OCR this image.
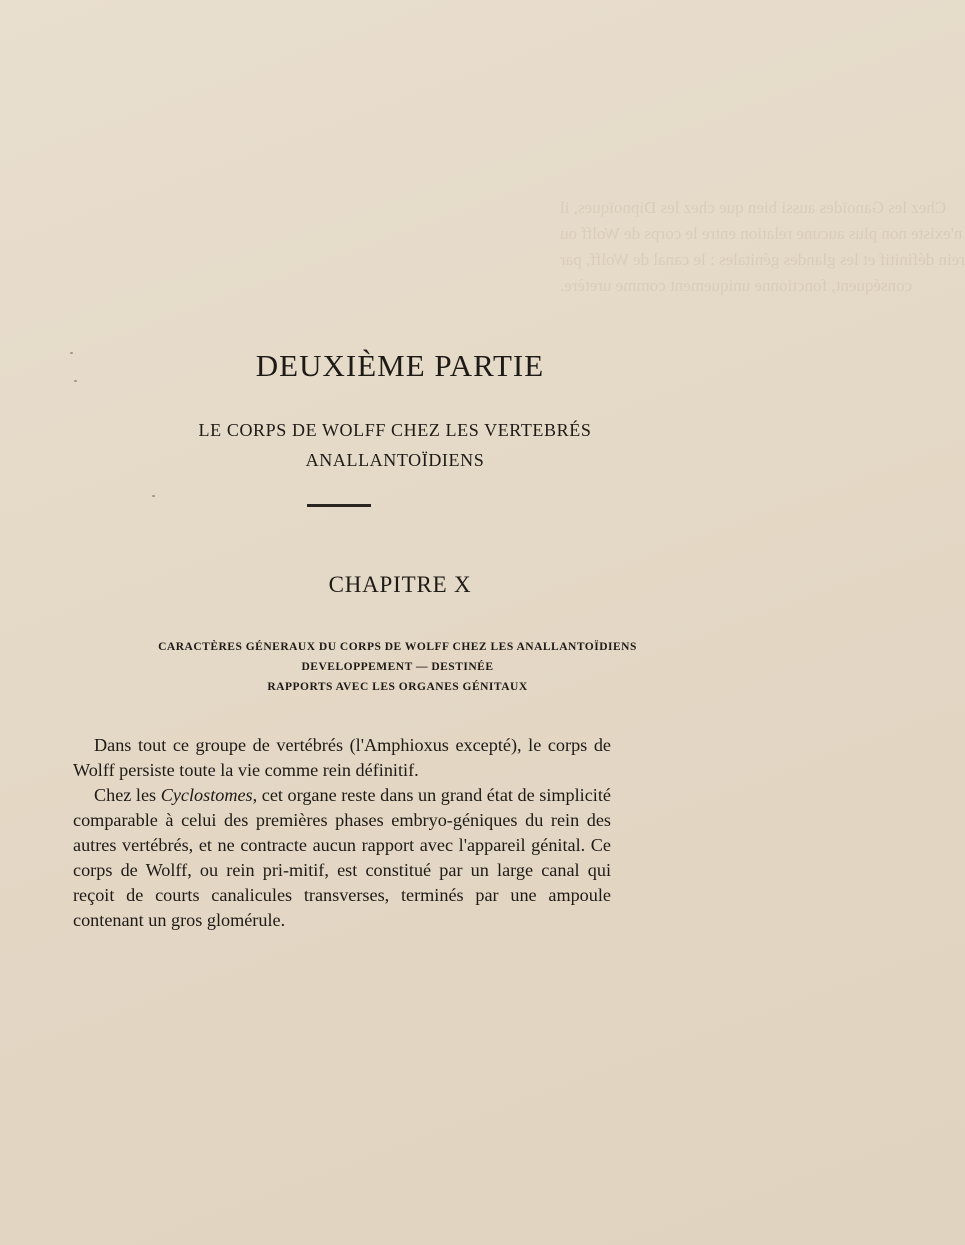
Chez les Ganoïdes aussi bien que chez les Dipnoïques, il
n'existe non plus aucune relation entre le corps de Wolff ou
rein définitif et les glandes génitales : le canal de Wolff, par
conséquent, fonctionne uniquement comme uretère.
DEUXIÈME PARTIE
LE CORPS DE WOLFF CHEZ LES VERTEBRÉS
ANALLANTOÏDIENS
CHAPITRE X
CARACTÈRES GÉNERAUX DU CORPS DE WOLFF CHEZ LES ANALLANTOÏDIENS
DEVELOPPEMENT — DESTINÉE
RAPPORTS AVEC LES ORGANES GÉNITAUX

Dans tout ce groupe de vertébrés (l'Amphioxus excepté), le corps de Wolff persiste toute la vie comme rein définitif.

Chez les Cyclostomes, cet organe reste dans un grand état de simplicité comparable à celui des premières phases embryo-géniques du rein des autres vertébrés, et ne contracte aucun rapport avec l'appareil génital. Ce corps de Wolff, ou rein pri-mitif, est constitué par un large canal qui reçoit de courts canalicules transverses, terminés par une ampoule contenant un gros glomérule.
